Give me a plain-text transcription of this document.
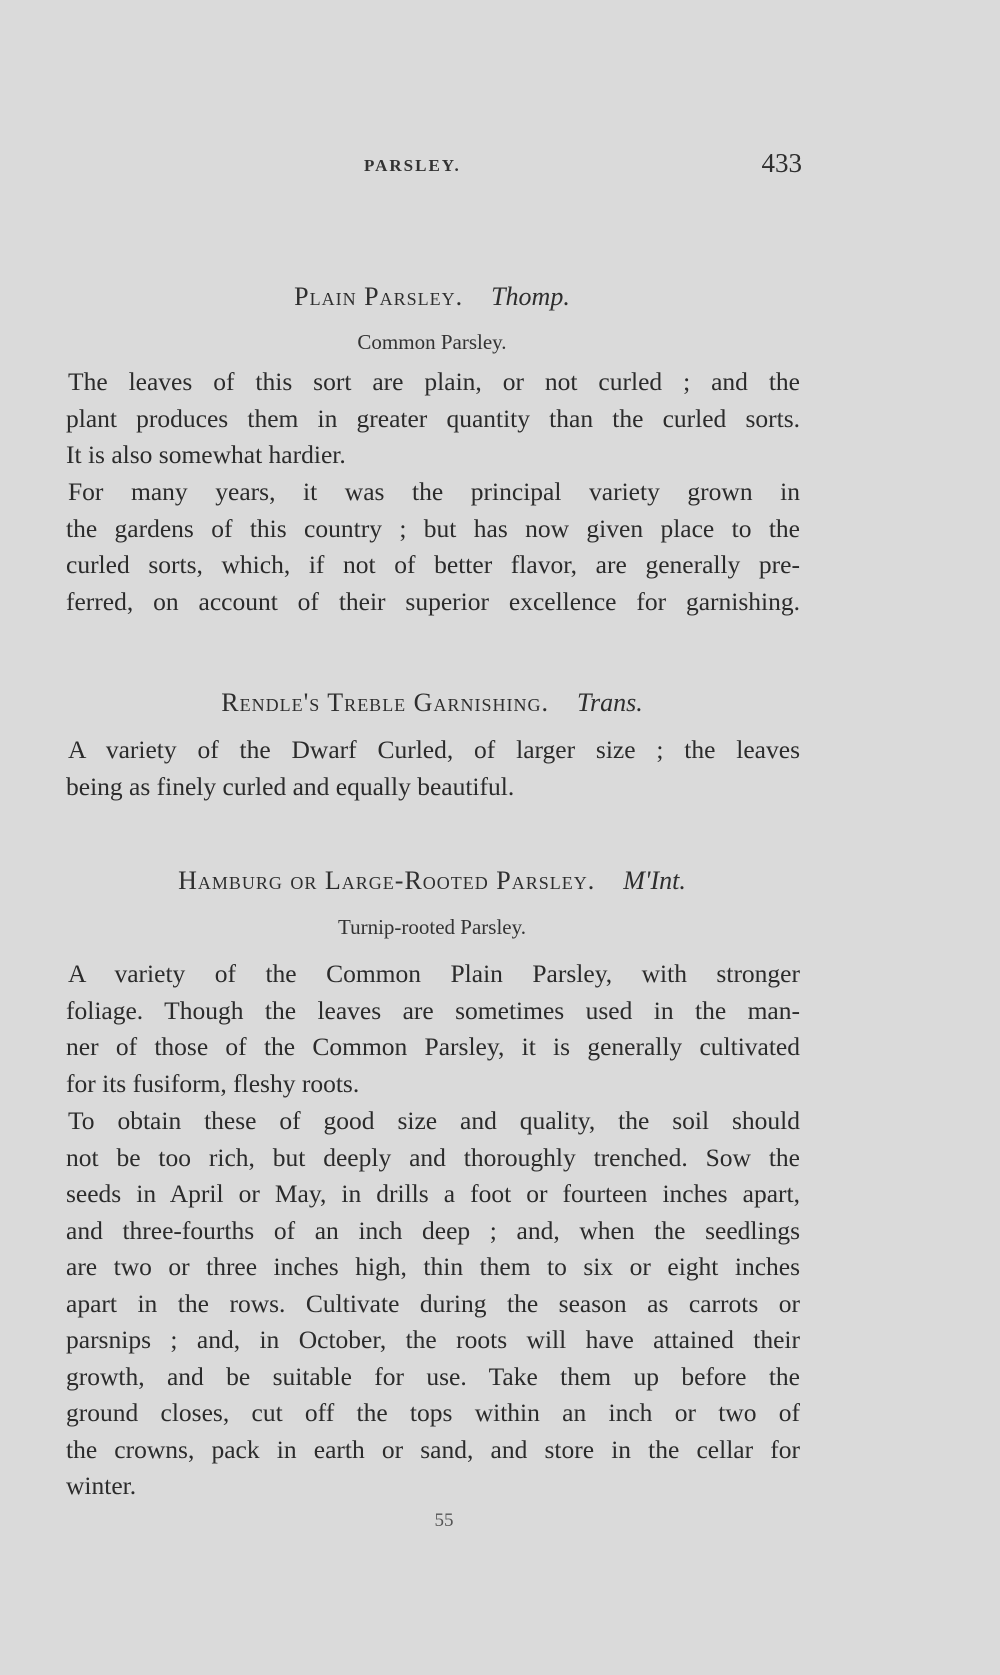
PARSLEY.	433
Plain Parsley. Thomp.
Common Parsley.
The leaves of this sort are plain, or not curled ; and the
plant produces them in greater quantity than the curled sorts.
It is also somewhat hardier.
For many years, it was the principal variety grown in
the gardens of this country ; but has now given place to the
curled sorts, which, if not of better flavor, are generally pre-
ferred, on account of their superior excellence for garnishing.
Rendle's Treble Garnishing. Trans.
A variety of the Dwarf Curled, of larger size ; the leaves
being as finely curled and equally beautiful.
Hamburg or Large-Rooted Parsley. M'Int.
Turnip-rooted Parsley.
A variety of the Common Plain Parsley, with stronger
foliage. Though the leaves are sometimes used in the man-
ner of those of the Common Parsley, it is generally cultivated
for its fusiform, fleshy roots.
To obtain these of good size and quality, the soil should
not be too rich, but deeply and thoroughly trenched. Sow the
seeds in April or May, in drills a foot or fourteen inches apart,
and three-fourths of an inch deep ; and, when the seedlings
are two or three inches high, thin them to six or eight inches
apart in the rows. Cultivate during the season as carrots or
parsnips ; and, in October, the roots will have attained their
growth, and be suitable for use. Take them up before the
ground closes, cut off the tops within an inch or two of
the crowns, pack in earth or sand, and store in the cellar for
winter.
55
